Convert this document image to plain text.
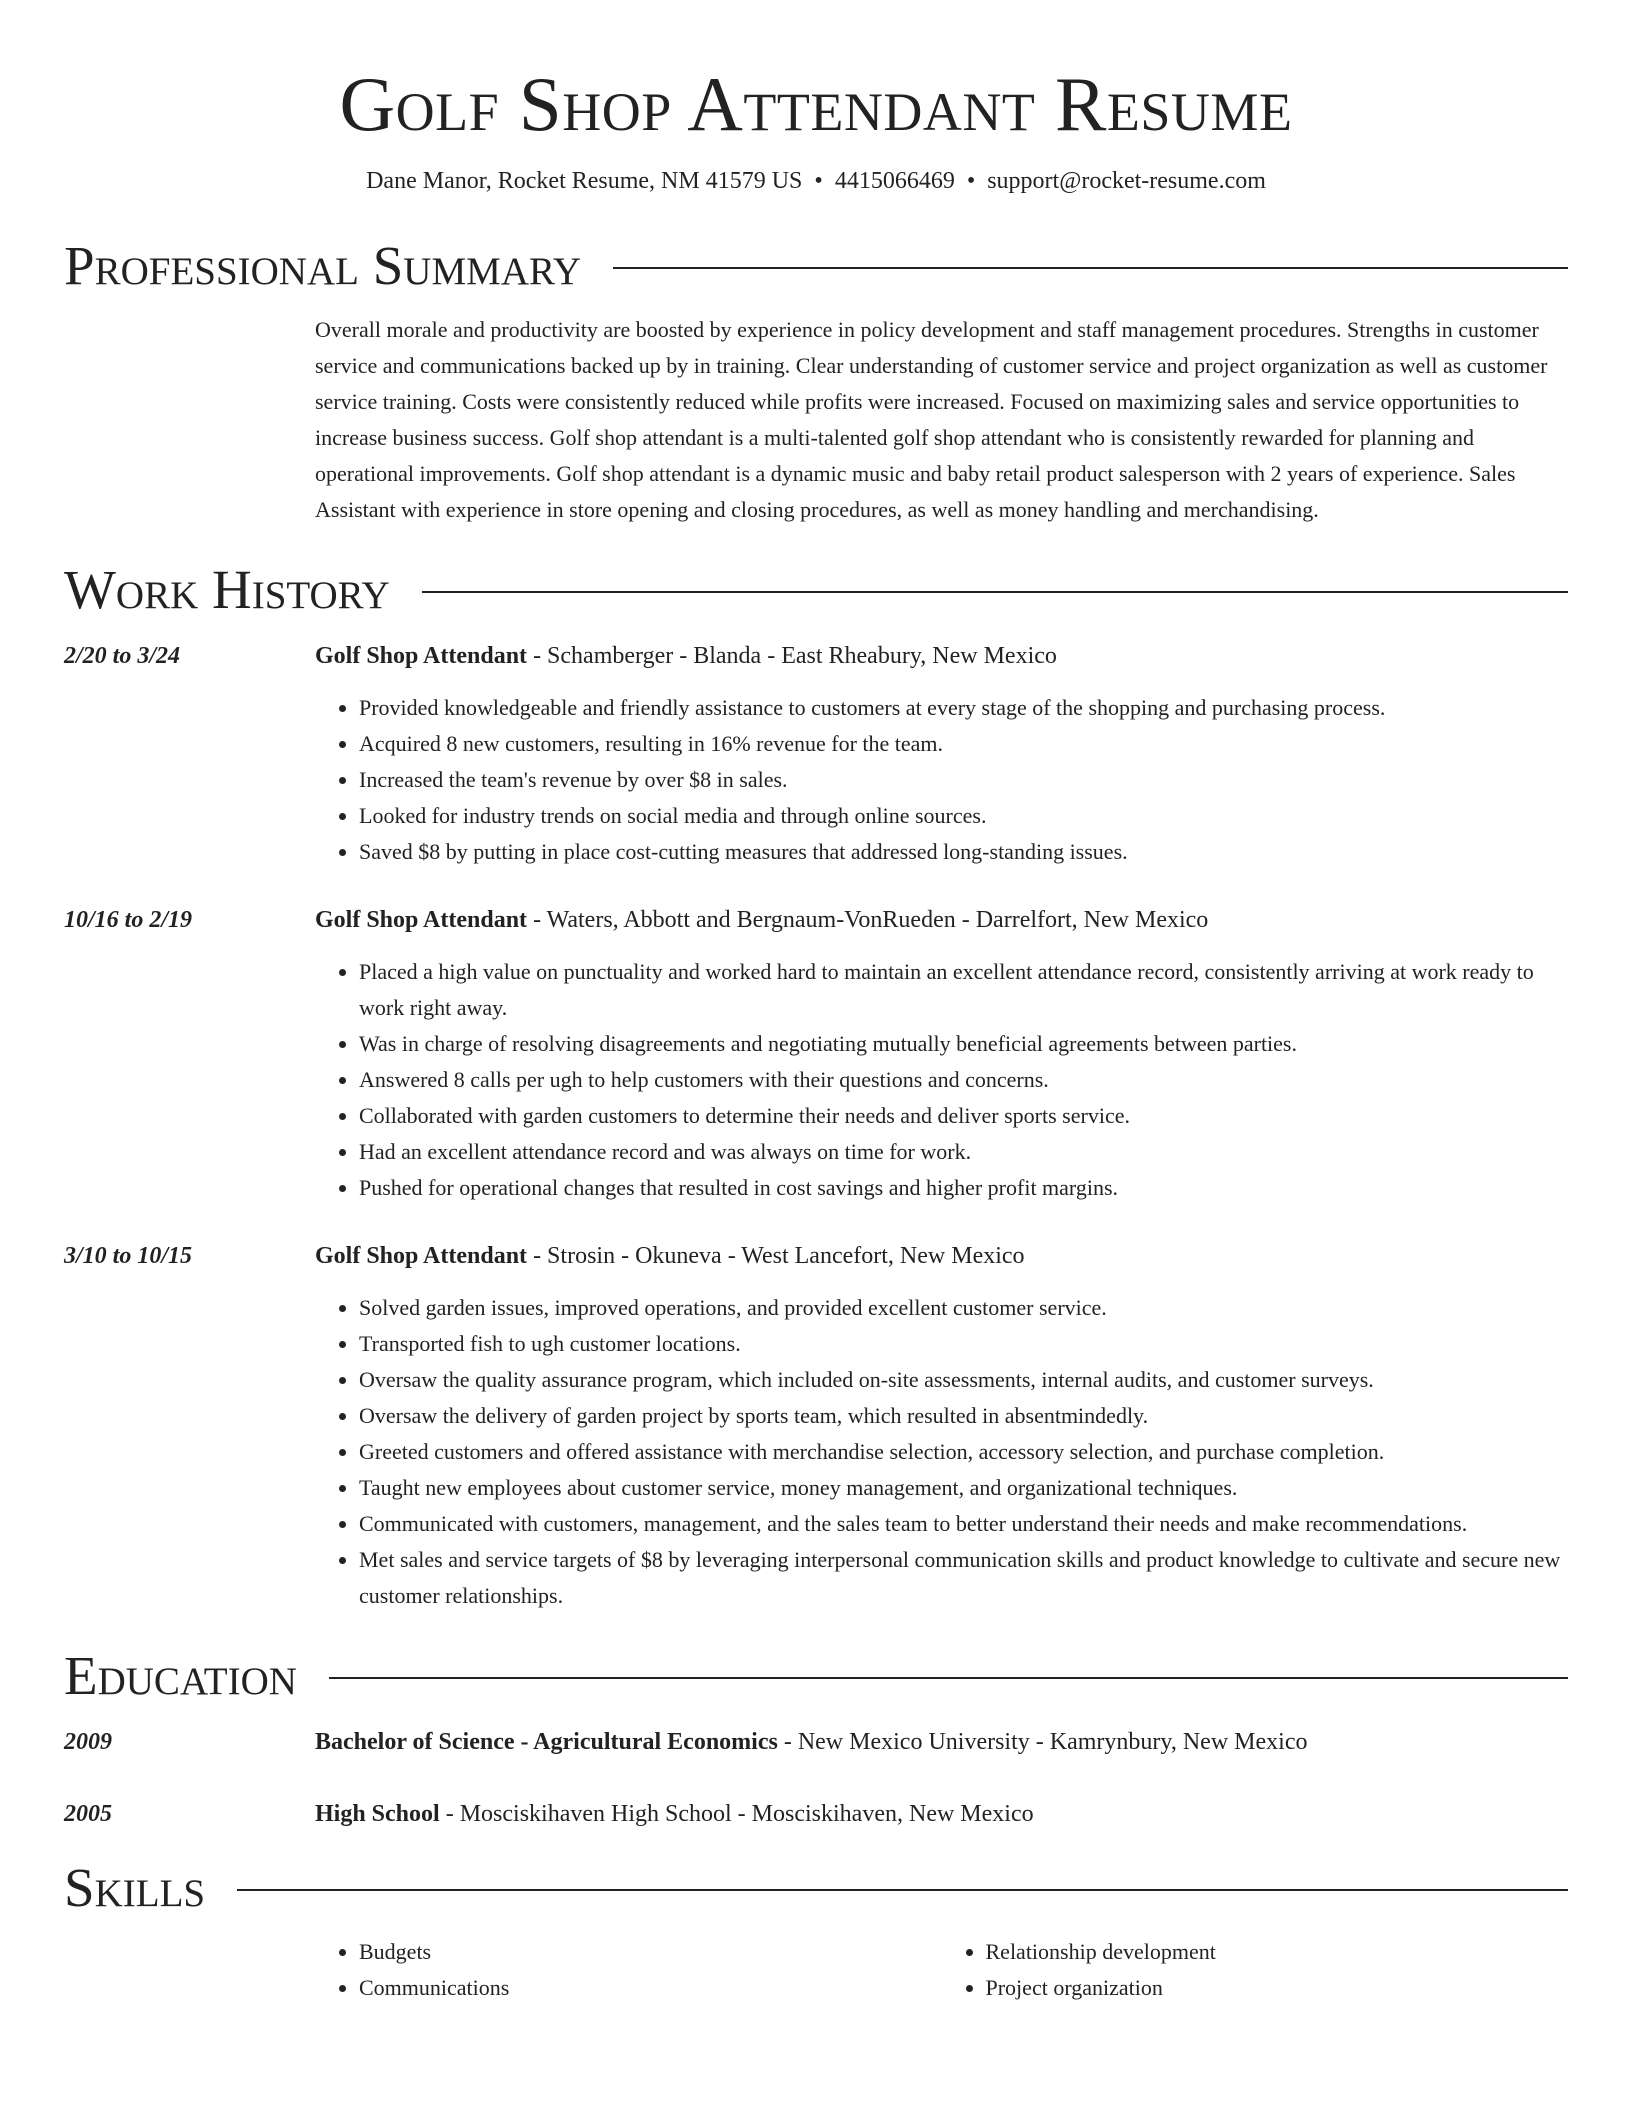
Golf Shop Attendant Resume
Dane Manor, Rocket Resume, NM 41579 US • 4415066469 • support@rocket-resume.com
Professional Summary
Overall morale and productivity are boosted by experience in policy development and staff management procedures. Strengths in customer service and communications backed up by in training. Clear understanding of customer service and project organization as well as customer service training. Costs were consistently reduced while profits were increased. Focused on maximizing sales and service opportunities to increase business success. Golf shop attendant is a multi-talented golf shop attendant who is consistently rewarded for planning and operational improvements. Golf shop attendant is a dynamic music and baby retail product salesperson with 2 years of experience. Sales Assistant with experience in store opening and closing procedures, as well as money handling and merchandising.
Work History
2/20 to 3/24	Golf Shop Attendant - Schamberger - Blanda - East Rheabury, New Mexico
• Provided knowledgeable and friendly assistance to customers at every stage of the shopping and purchasing process.
• Acquired 8 new customers, resulting in 16% revenue for the team.
• Increased the team's revenue by over $8 in sales.
• Looked for industry trends on social media and through online sources.
• Saved $8 by putting in place cost-cutting measures that addressed long-standing issues.
10/16 to 2/19	Golf Shop Attendant - Waters, Abbott and Bergnaum-VonRueden - Darrelfort, New Mexico
• Placed a high value on punctuality and worked hard to maintain an excellent attendance record, consistently arriving at work ready to work right away.
• Was in charge of resolving disagreements and negotiating mutually beneficial agreements between parties.
• Answered 8 calls per ugh to help customers with their questions and concerns.
• Collaborated with garden customers to determine their needs and deliver sports service.
• Had an excellent attendance record and was always on time for work.
• Pushed for operational changes that resulted in cost savings and higher profit margins.
3/10 to 10/15	Golf Shop Attendant - Strosin - Okuneva - West Lancefort, New Mexico
• Solved garden issues, improved operations, and provided excellent customer service.
• Transported fish to ugh customer locations.
• Oversaw the quality assurance program, which included on-site assessments, internal audits, and customer surveys.
• Oversaw the delivery of garden project by sports team, which resulted in absentmindedly.
• Greeted customers and offered assistance with merchandise selection, accessory selection, and purchase completion.
• Taught new employees about customer service, money management, and organizational techniques.
• Communicated with customers, management, and the sales team to better understand their needs and make recommendations.
• Met sales and service targets of $8 by leveraging interpersonal communication skills and product knowledge to cultivate and secure new customer relationships.
Education
2009	Bachelor of Science - Agricultural Economics - New Mexico University - Kamrynbury, New Mexico
2005	High School - Mosciskihaven High School - Mosciskihaven, New Mexico
Skills
• Budgets
• Communications
• Relationship development
• Project organization
